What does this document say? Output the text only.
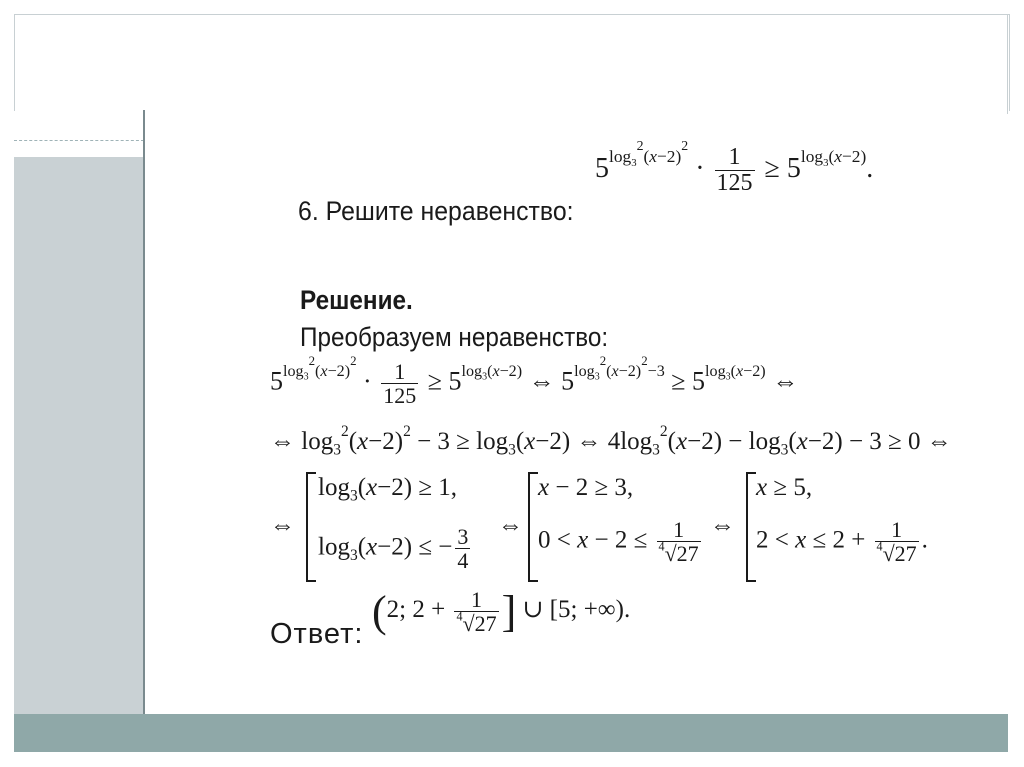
6. Решите неравенство:
$5^{log_3^2(x-2)^2} \cdot \frac{1}{125} \ge 5^{log_3(x-2)}$.
Решение.
Преобразуем неравенство:
$5^{log_3^2(x-2)^2} \cdot \frac{1}{125} \ge 5^{log_3(x-2)}$ ⇔ $5^{log_3^2(x-2)^2-3} \ge 5^{log_3(x-2)}$ ⇔
⇔ $\log_3^2(x-2)^2 - 3 \ge \log_3(x-2)$ ⇔ $4\log_3^2(x-2) - \log_3(x-2) - 3 \ge 0$ ⇔
⇔
$\log_3(x-2) \ge 1$,
$\log_3(x-2)$ ≤ − $\frac{3}{4}$ ⇔
x − 2 ≥ 3,
$0 < x - 2 \le \frac{1}{^4√27}$ ⇔
x ≥ 5,
$2 < x \le 2 + \frac{1}{^4√27}$ .
Ответ: (2; $2 + \frac{1}{^4√27}$ ] ∪ [5; +∞).
